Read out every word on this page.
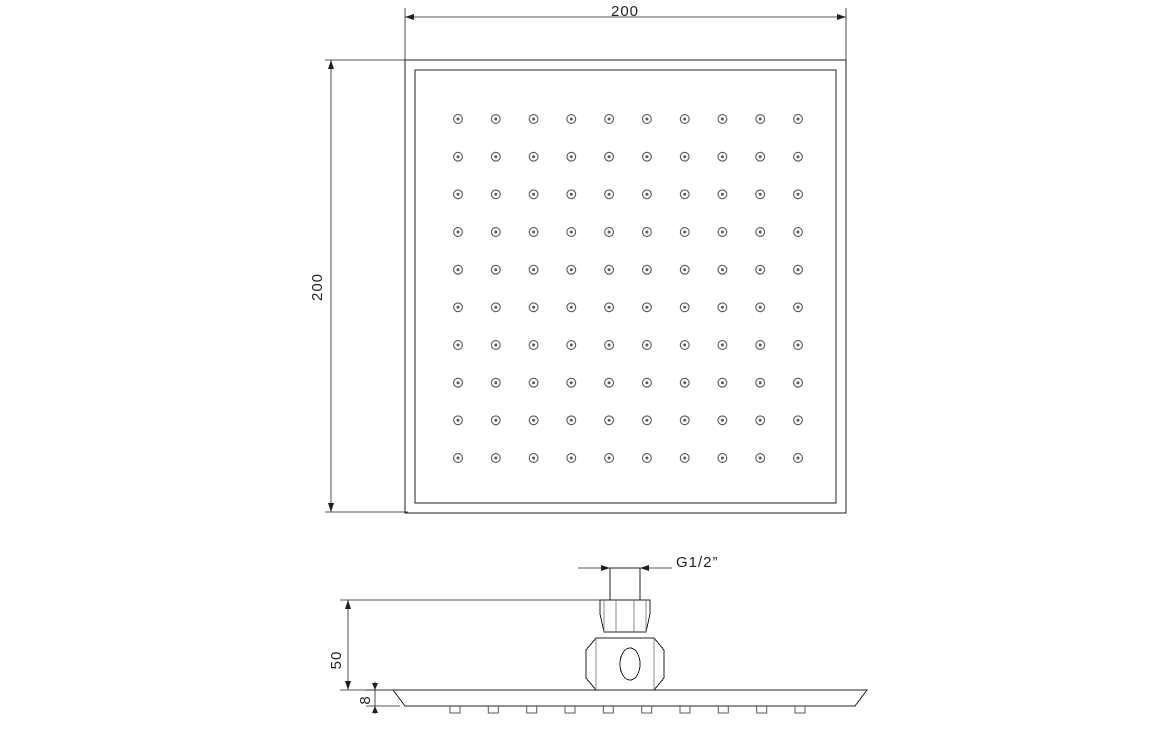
200
200
50
8
G1/2”
